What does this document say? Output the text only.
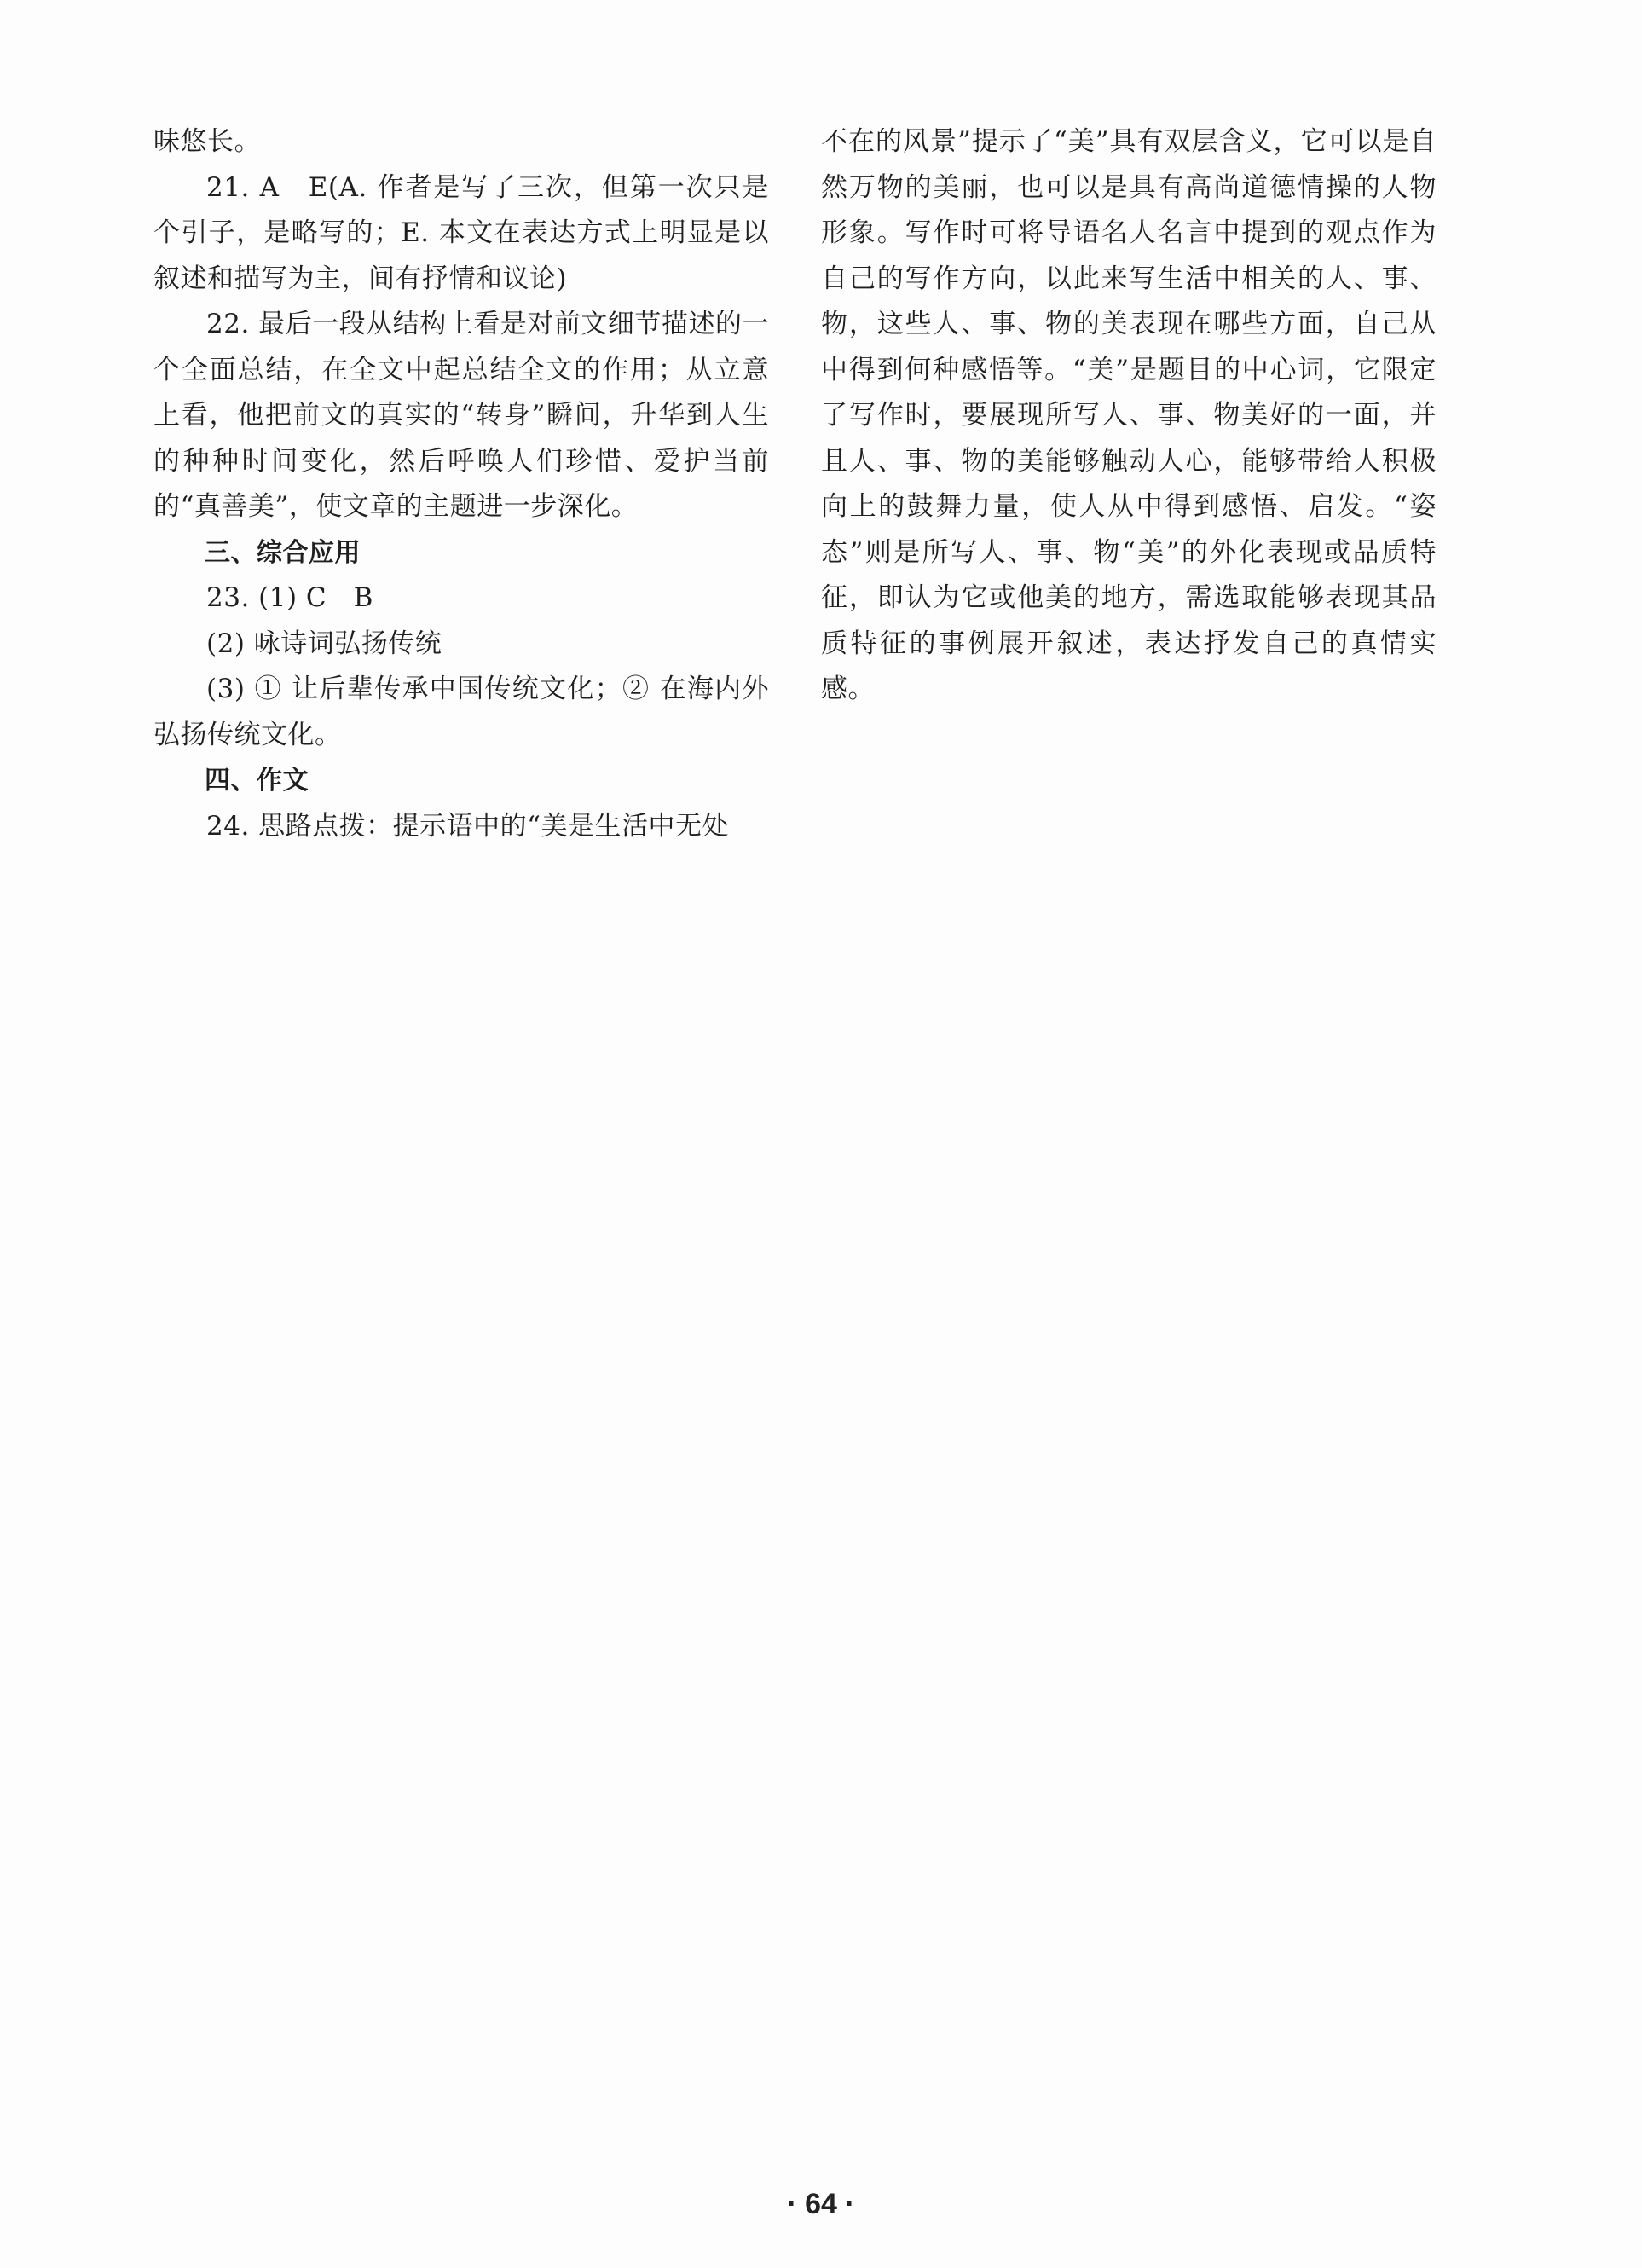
味悠长。

21. A　E(A. 作者是写了三次，但第一次只是个引子，是略写的；E. 本文在表达方式上明显是以叙述和描写为主，间有抒情和议论)

22. 最后一段从结构上看是对前文细节描述的一个全面总结，在全文中起总结全文的作用；从立意上看，他把前文的真实的“转身”瞬间，升华到人生的种种时间变化，然后呼唤人们珍惜、爱护当前的“真善美”，使文章的主题进一步深化。

三、综合应用

23. (1) C　B

(2) 咏诗词弘扬传统

(3) ① 让后辈传承中国传统文化；② 在海内外弘扬传统文化。

四、作文

24. 思路点拨：提示语中的“美是生活中无处

不在的风景”提示了“美”具有双层含义，它可以是自然万物的美丽，也可以是具有高尚道德情操的人物形象。写作时可将导语名人名言中提到的观点作为自己的写作方向，以此来写生活中相关的人、事、物，这些人、事、物的美表现在哪些方面，自己从中得到何种感悟等。“美”是题目的中心词，它限定了写作时，要展现所写人、事、物美好的一面，并且人、事、物的美能够触动人心，能够带给人积极向上的鼓舞力量，使人从中得到感悟、启发。“姿态”则是所写人、事、物“美”的外化表现或品质特征，即认为它或他美的地方，需选取能够表现其品质特征的事例展开叙述，表达抒发自己的真情实感。

· 64 ·
